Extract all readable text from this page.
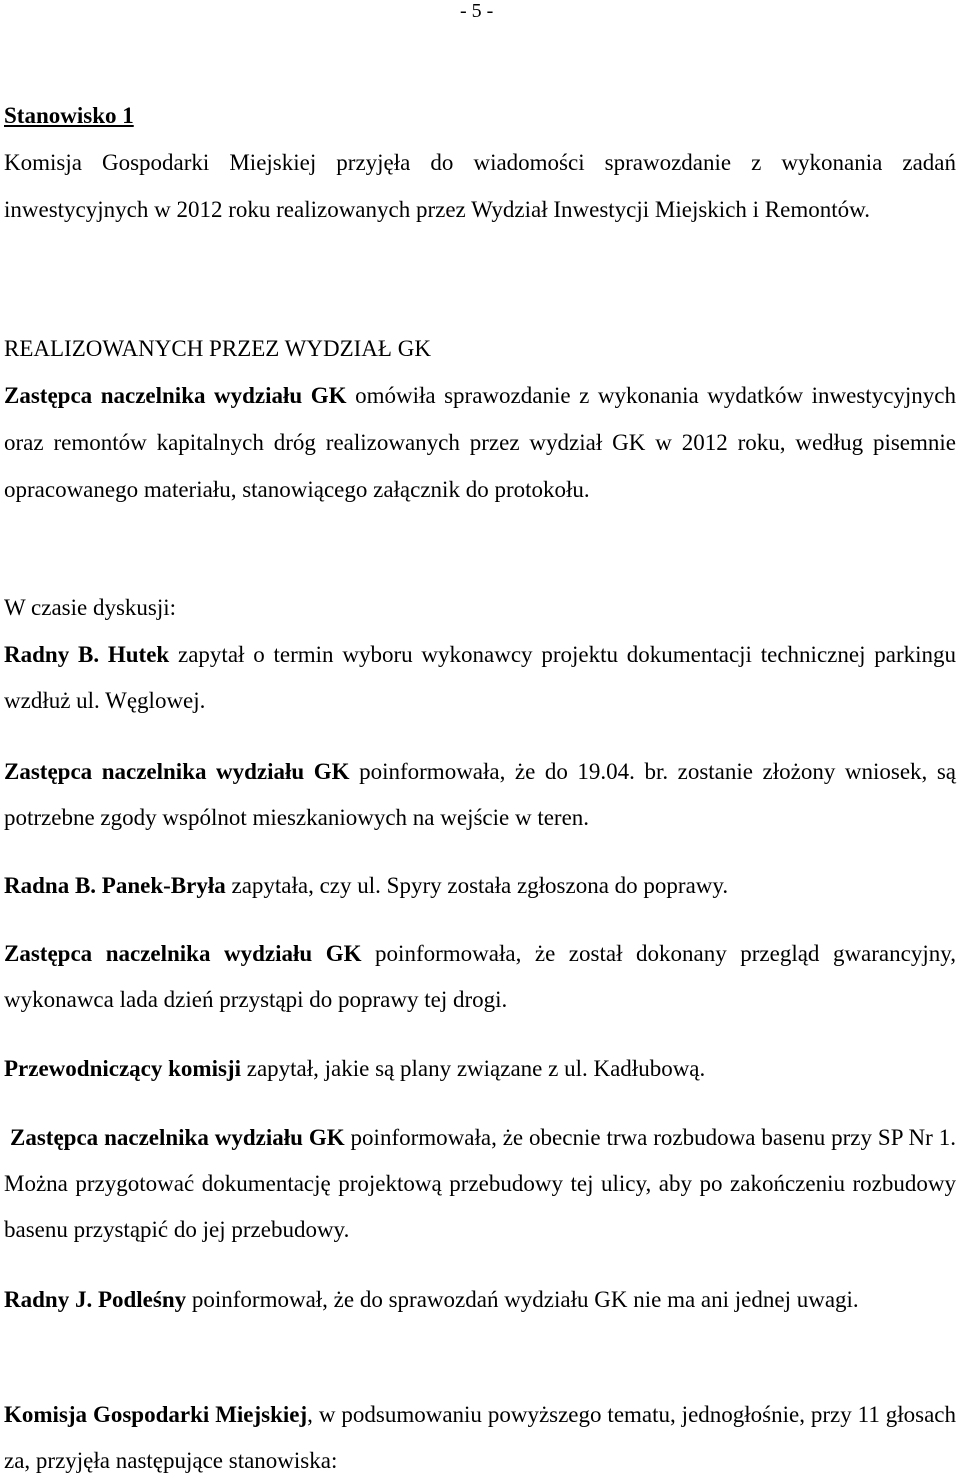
- 5 -
Stanowisko 1
Komisja Gospodarki Miejskiej przyjęła do wiadomości sprawozdanie z wykonania zadań inwestycyjnych w 2012 roku realizowanych przez Wydział Inwestycji Miejskich i Remontów.
REALIZOWANYCH PRZEZ WYDZIAŁ GK
Zastępca naczelnika wydziału GK omówiła sprawozdanie z wykonania wydatków inwestycyjnych oraz remontów kapitalnych dróg realizowanych przez wydział GK w 2012 roku, według pisemnie opracowanego materiału, stanowiącego załącznik do protokołu.
W czasie dyskusji:
Radny B. Hutek zapytał o termin wyboru wykonawcy projektu dokumentacji technicznej parkingu wzdłuż ul. Węglowej.
Zastępca naczelnika wydziału GK poinformowała, że do 19.04. br. zostanie złożony wniosek, są potrzebne zgody wspólnot mieszkaniowych na wejście w teren.
Radna B. Panek-Bryła zapytała, czy ul. Spyry została zgłoszona do poprawy.
Zastępca naczelnika wydziału GK poinformowała, że został dokonany przegląd gwarancyjny, wykonawca lada dzień przystąpi do poprawy tej drogi.
Przewodniczący komisji zapytał, jakie są plany związane z ul. Kadłubową.
Zastępca naczelnika wydziału GK poinformowała, że obecnie trwa rozbudowa basenu przy SP Nr 1. Można przygotować dokumentację projektową przebudowy tej ulicy, aby po zakończeniu rozbudowy basenu przystąpić do jej przebudowy.
Radny J. Podleśny poinformował, że do sprawozdań wydziału GK nie ma ani jednej uwagi.
Komisja Gospodarki Miejskiej, w podsumowaniu powyższego tematu, jednogłośnie, przy 11 głosach za, przyjęła następujące stanowiska:
